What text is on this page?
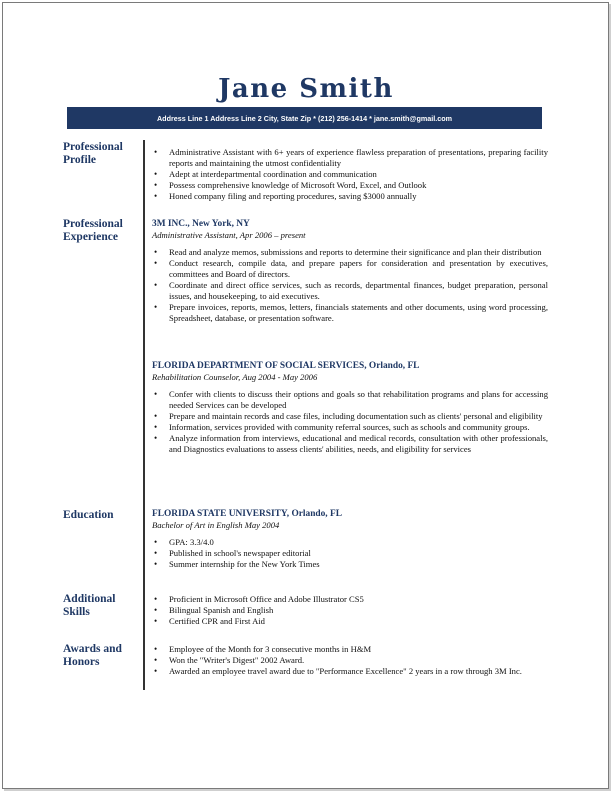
Jane Smith
Address Line 1 Address Line 2 City, State Zip * (212) 256-1414 * jane.smith@gmail.com
Professional
Profile
• Administrative Assistant with 6+ years of experience flawless preparation of presentations, preparing facility reports and maintaining the utmost confidentiality
• Adept at interdepartmental coordination and communication
• Possess comprehensive knowledge of Microsoft Word, Excel, and Outlook
• Honed company filing and reporting procedures, saving $3000 annually
Professional
Experience
3M INC., New York, NY
Administrative Assistant, Apr 2006 – present
• Read and analyze memos, submissions and reports to determine their significance and plan their distribution
• Conduct research, compile data, and prepare papers for consideration and presentation by executives, committees and Board of directors.
• Coordinate and direct office services, such as records, departmental finances, budget preparation, personal issues, and housekeeping, to aid executives.
• Prepare invoices, reports, memos, letters, financials statements and other documents, using word processing, Spreadsheet, database, or presentation software.
FLORIDA DEPARTMENT OF SOCIAL SERVICES, Orlando, FL
Rehabilitation Counselor, Aug 2004 - May 2006
• Confer with clients to discuss their options and goals so that rehabilitation programs and plans for accessing needed Services can be developed
• Prepare and maintain records and case files, including documentation such as clients' personal and eligibility
• Information, services provided with community referral sources, such as schools and community groups.
• Analyze information from interviews, educational and medical records, consultation with other professionals, and Diagnostics evaluations to assess clients' abilities, needs, and eligibility for services
Education	FLORIDA STATE UNIVERSITY, Orlando, FL
Bachelor of Art in English May 2004
• GPA: 3.3/4.0
• Published in school's newspaper editorial
• Summer internship for the New York Times
Additional
Skills
• Proficient in Microsoft Office and Adobe Illustrator CS5
• Bilingual Spanish and English
• Certified CPR and First Aid
Awards and
Honors
• Employee of the Month for 3 consecutive months in H&M
• Won the "Writer's Digest" 2002 Award.
• Awarded an employee travel award due to "Performance Excellence" 2 years in a row through 3M Inc.
